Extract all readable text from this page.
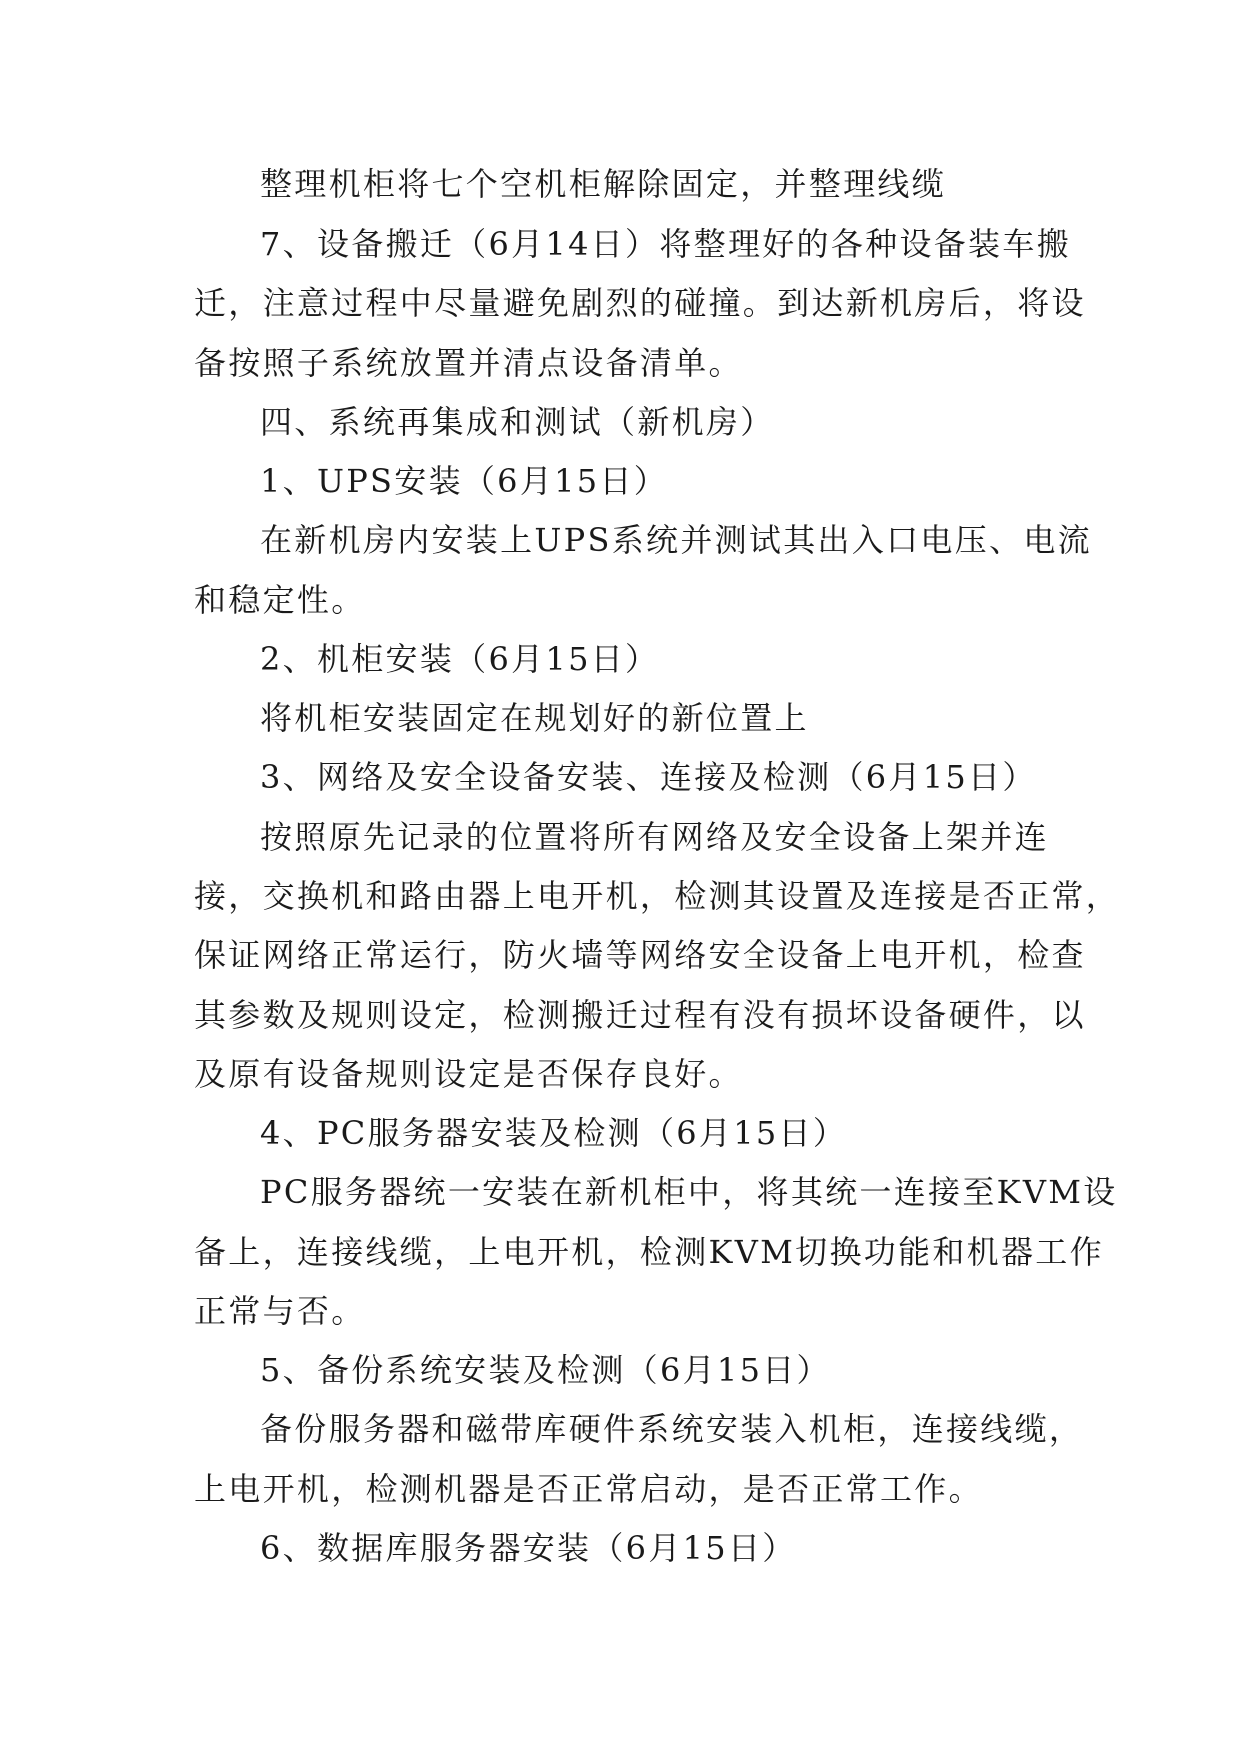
整理机柜将七个空机柜解除固定，并整理线缆

7、设备搬迁（6月14日）将整理好的各种设备装车搬

迁，注意过程中尽量避免剧烈的碰撞。到达新机房后，将设

备按照子系统放置并清点设备清单。

四、系统再集成和测试（新机房）

1、UPS安装（6月15日）

在新机房内安装上UPS系统并测试其出入口电压、电流

和稳定性。

2、机柜安装（6月15日）

将机柜安装固定在规划好的新位置上

3、网络及安全设备安装、连接及检测（6月15日）

按照原先记录的位置将所有网络及安全设备上架并连

接，交换机和路由器上电开机，检测其设置及连接是否正常，

保证网络正常运行，防火墙等网络安全设备上电开机，检查

其参数及规则设定，检测搬迁过程有没有损坏设备硬件，以

及原有设备规则设定是否保存良好。

4、PC服务器安装及检测（6月15日）

PC服务器统一安装在新机柜中，将其统一连接至KVM设

备上，连接线缆，上电开机，检测KVM切换功能和机器工作

正常与否。

5、备份系统安装及检测（6月15日）

备份服务器和磁带库硬件系统安装入机柜，连接线缆，

上电开机，检测机器是否正常启动，是否正常工作。

6、数据库服务器安装（6月15日）
